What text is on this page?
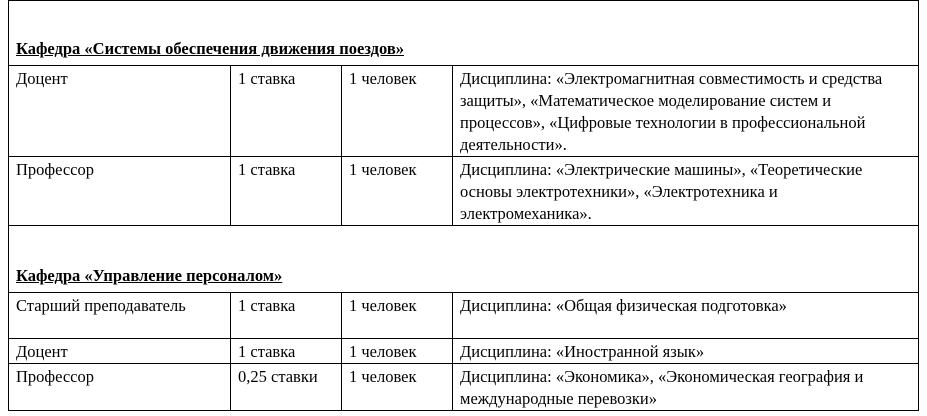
Кафедра «Системы обеспечения движения поездов»			

Доцент	1 ставка	1 человек	Дисциплина: «Электромагнитная совместимость и средства защиты», «Математическое моделирование систем и процессов», «Цифровые технологии в профессиональной деятельности».
Профессор	1 ставка	1 человек	Дисциплина: «Электрические машины», «Теоретические основы электротехники», «Электротехника и электромеханика».

Кафедра «Управление персоналом»			

Старший преподаватель	1 ставка	1 человек	Дисциплина: «Общая физическая подготовка»
Доцент	1 ставка	1 человек	Дисциплина: «Иностранной язык»
Профессор	0,25 ставки	1 человек	Дисциплина: «Экономика», «Экономическая география и международные перевозки»
